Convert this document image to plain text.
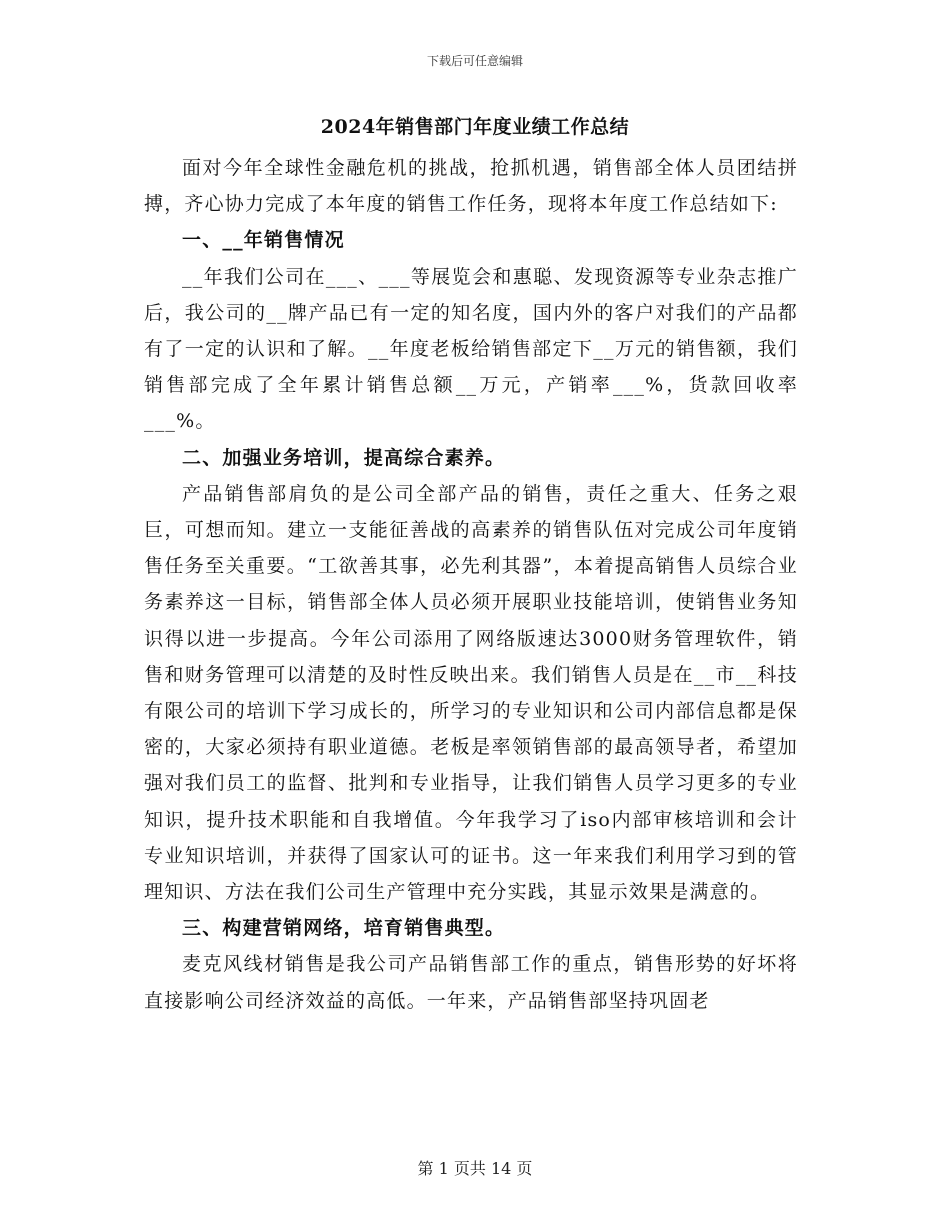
下载后可任意编辑
2024年销售部门年度业绩工作总结

面对今年全球性金融危机的挑战，抢抓机遇，销售部全体人员团结拼搏，齐心协力完成了本年度的销售工作任务，现将本年度工作总结如下:

一、__年销售情况

__年我们公司在___、___等展览会和惠聪、发现资源等专业杂志推广后，我公司的__牌产品已有一定的知名度，国内外的客户对我们的产品都有了一定的认识和了解。__年度老板给销售部定下__万元的销售额，我们销售部完成了全年累计销售总额__万元，产销率___%，货款回收率___%。

二、加强业务培训，提高综合素养。

产品销售部肩负的是公司全部产品的销售，责任之重大、任务之艰巨，可想而知。建立一支能征善战的高素养的销售队伍对完成公司年度销售任务至关重要。“工欲善其事，必先利其器”，本着提高销售人员综合业务素养这一目标，销售部全体人员必须开展职业技能培训，使销售业务知识得以进一步提高。今年公司添用了网络版速达3000财务管理软件，销售和财务管理可以清楚的及时性反映出来。我们销售人员是在__市__科技有限公司的培训下学习成长的，所学习的专业知识和公司内部信息都是保密的，大家必须持有职业道德。老板是率领销售部的最高领导者，希望加强对我们员工的监督、批判和专业指导，让我们销售人员学习更多的专业知识，提升技术职能和自我增值。今年我学习了iso内部审核培训和会计专业知识培训，并获得了国家认可的证书。这一年来我们利用学习到的管理知识、方法在我们公司生产管理中充分实践，其显示效果是满意的。

三、构建营销网络，培育销售典型。

麦克风线材销售是我公司产品销售部工作的重点，销售形势的好坏将直接影响公司经济效益的高低。一年来，产品销售部坚持巩固老

第 1 页共 14 页
